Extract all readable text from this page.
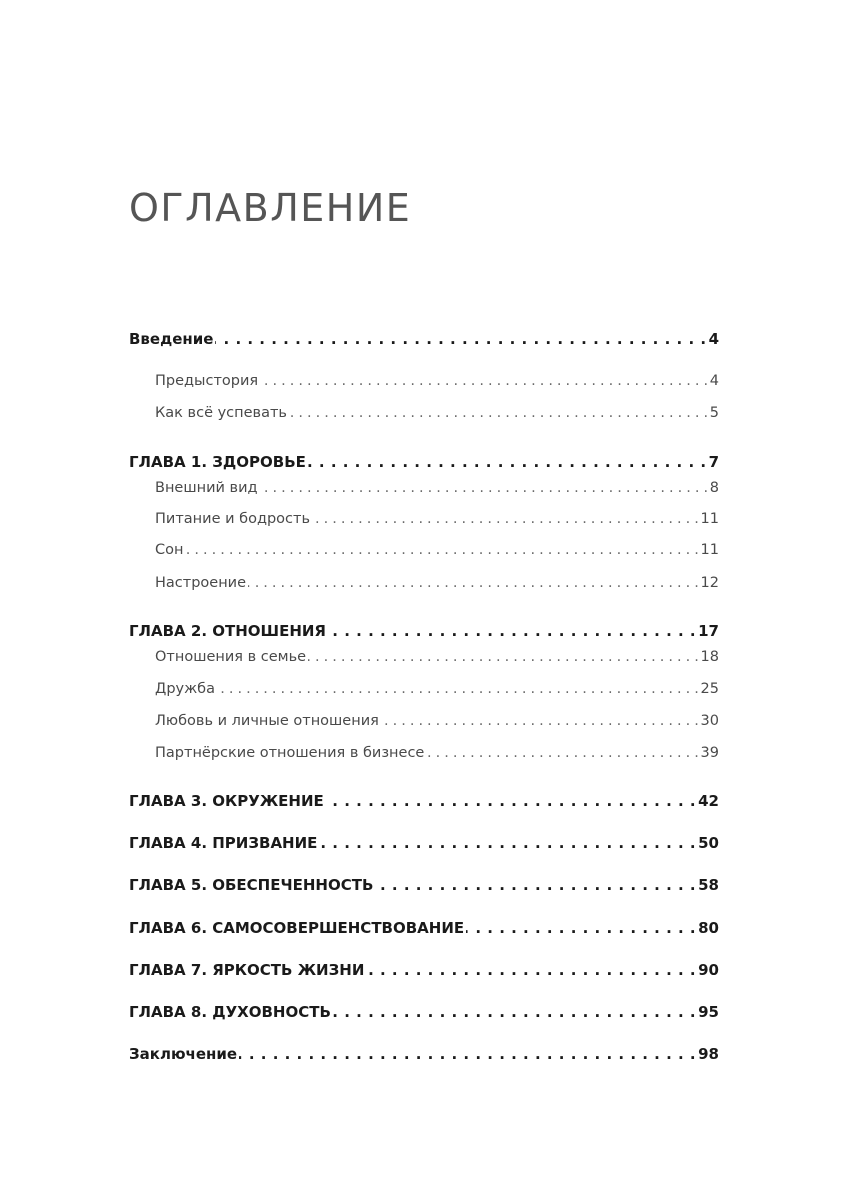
ОГЛАВЛЕНИЕ
Введение . . .	4
Предыстория . . .	4
Как всё успевать . . .	5
ГЛАВА 1. ЗДОРОВЬЕ . . .	7
Внешний вид . . .	8
Питание и бодрость . . .	11
Сон . . .	11
Настроение . . .	12
ГЛАВА 2. ОТНОШЕНИЯ . . .	17
Отношения в семье . . .	18
Дружба . . .	25
Любовь и личные отношения . . .	30
Партнёрские отношения в бизнесе . . .	39
ГЛАВА 3. ОКРУЖЕНИЕ . . .	42
ГЛАВА 4. ПРИЗВАНИЕ . . .	50
ГЛАВА 5. ОБЕСПЕЧЕННОСТЬ . . .	58
ГЛАВА 6. САМОСОВЕРШЕНСТВОВАНИЕ . . .	80
ГЛАВА 7. ЯРКОСТЬ ЖИЗНИ . . .	90
ГЛАВА 8. ДУХОВНОСТЬ . . .	95
Заключение . . .	98
